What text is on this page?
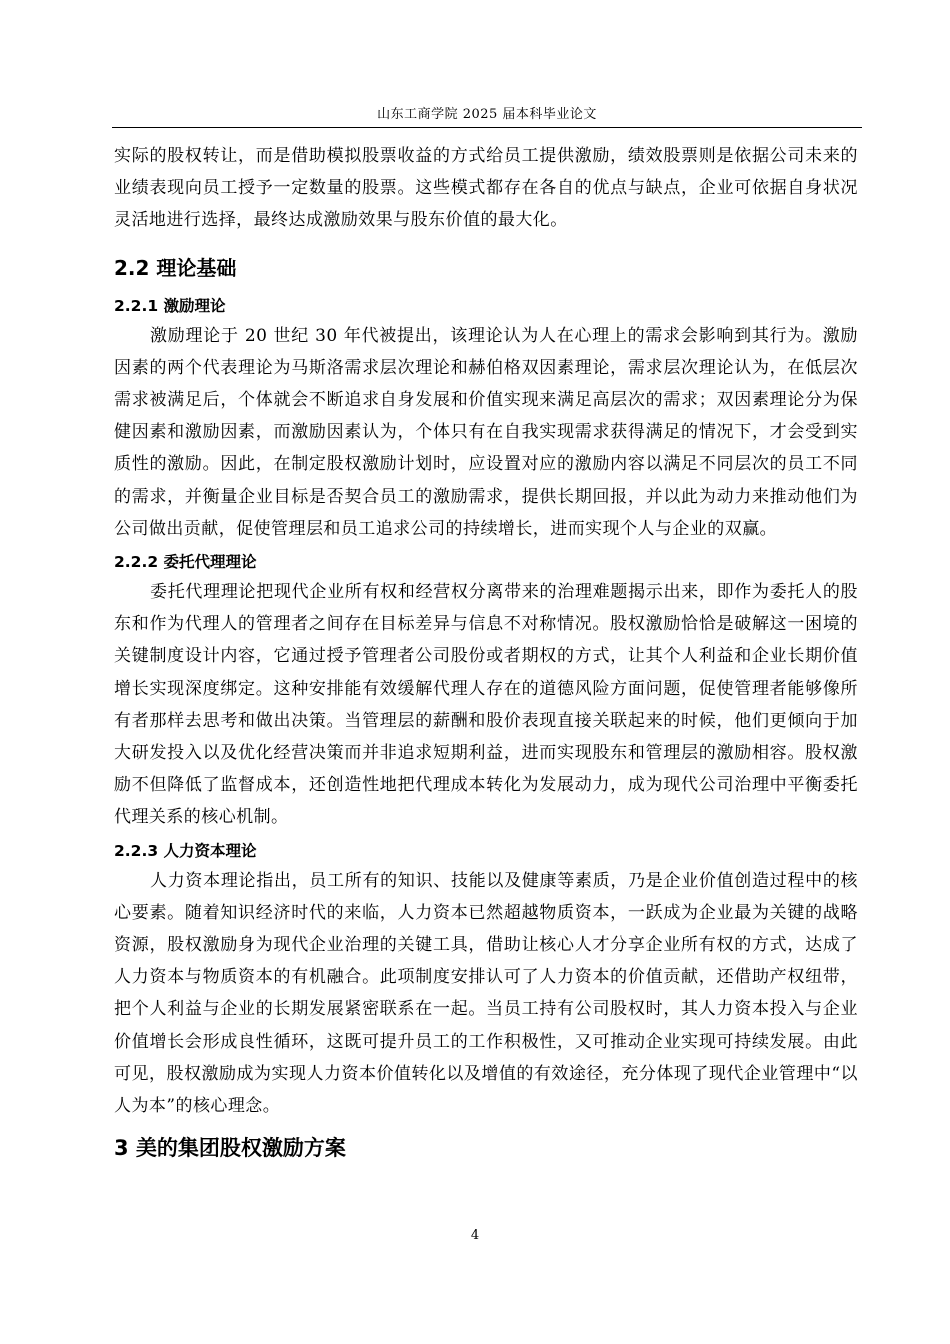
山东工商学院 2025 届本科毕业论文

实际的股权转让，而是借助模拟股票收益的方式给员工提供激励，绩效股票则是依据公司未来的业绩表现向员工授予一定数量的股票。这些模式都存在各自的优点与缺点，企业可依据自身状况灵活地进行选择，最终达成激励效果与股东价值的最大化。

2.2 理论基础
2.2.1 激励理论

激励理论于 20 世纪 30 年代被提出，该理论认为人在心理上的需求会影响到其行为。激励因素的两个代表理论为马斯洛需求层次理论和赫伯格双因素理论，需求层次理论认为，在低层次需求被满足后，个体就会不断追求自身发展和价值实现来满足高层次的需求；双因素理论分为保健因素和激励因素，而激励因素认为，个体只有在自我实现需求获得满足的情况下，才会受到实质性的激励。因此，在制定股权激励计划时，应设置对应的激励内容以满足不同层次的员工不同的需求，并衡量企业目标是否契合员工的激励需求，提供长期回报，并以此为动力来推动他们为公司做出贡献，促使管理层和员工追求公司的持续增长，进而实现个人与企业的双赢。

2.2.2 委托代理理论

委托代理理论把现代企业所有权和经营权分离带来的治理难题揭示出来，即作为委托人的股东和作为代理人的管理者之间存在目标差异与信息不对称情况。股权激励恰恰是破解这一困境的关键制度设计内容，它通过授予管理者公司股份或者期权的方式，让其个人利益和企业长期价值增长实现深度绑定。这种安排能有效缓解代理人存在的道德风险方面问题，促使管理者能够像所有者那样去思考和做出决策。当管理层的薪酬和股价表现直接关联起来的时候，他们更倾向于加大研发投入以及优化经营决策而并非追求短期利益，进而实现股东和管理层的激励相容。股权激励不但降低了监督成本，还创造性地把代理成本转化为发展动力，成为现代公司治理中平衡委托代理关系的核心机制。

2.2.3 人力资本理论

人力资本理论指出，员工所有的知识、技能以及健康等素质，乃是企业价值创造过程中的核心要素。随着知识经济时代的来临，人力资本已然超越物质资本，一跃成为企业最为关键的战略资源，股权激励身为现代企业治理的关键工具，借助让核心人才分享企业所有权的方式，达成了人力资本与物质资本的有机融合。此项制度安排认可了人力资本的价值贡献，还借助产权纽带，把个人利益与企业的长期发展紧密联系在一起。当员工持有公司股权时，其人力资本投入与企业价值增长会形成良性循环，这既可提升员工的工作积极性，又可推动企业实现可持续发展。由此可见，股权激励成为实现人力资本价值转化以及增值的有效途径，充分体现了现代企业管理中“以人为本”的核心理念。

3 美的集团股权激励方案
4
